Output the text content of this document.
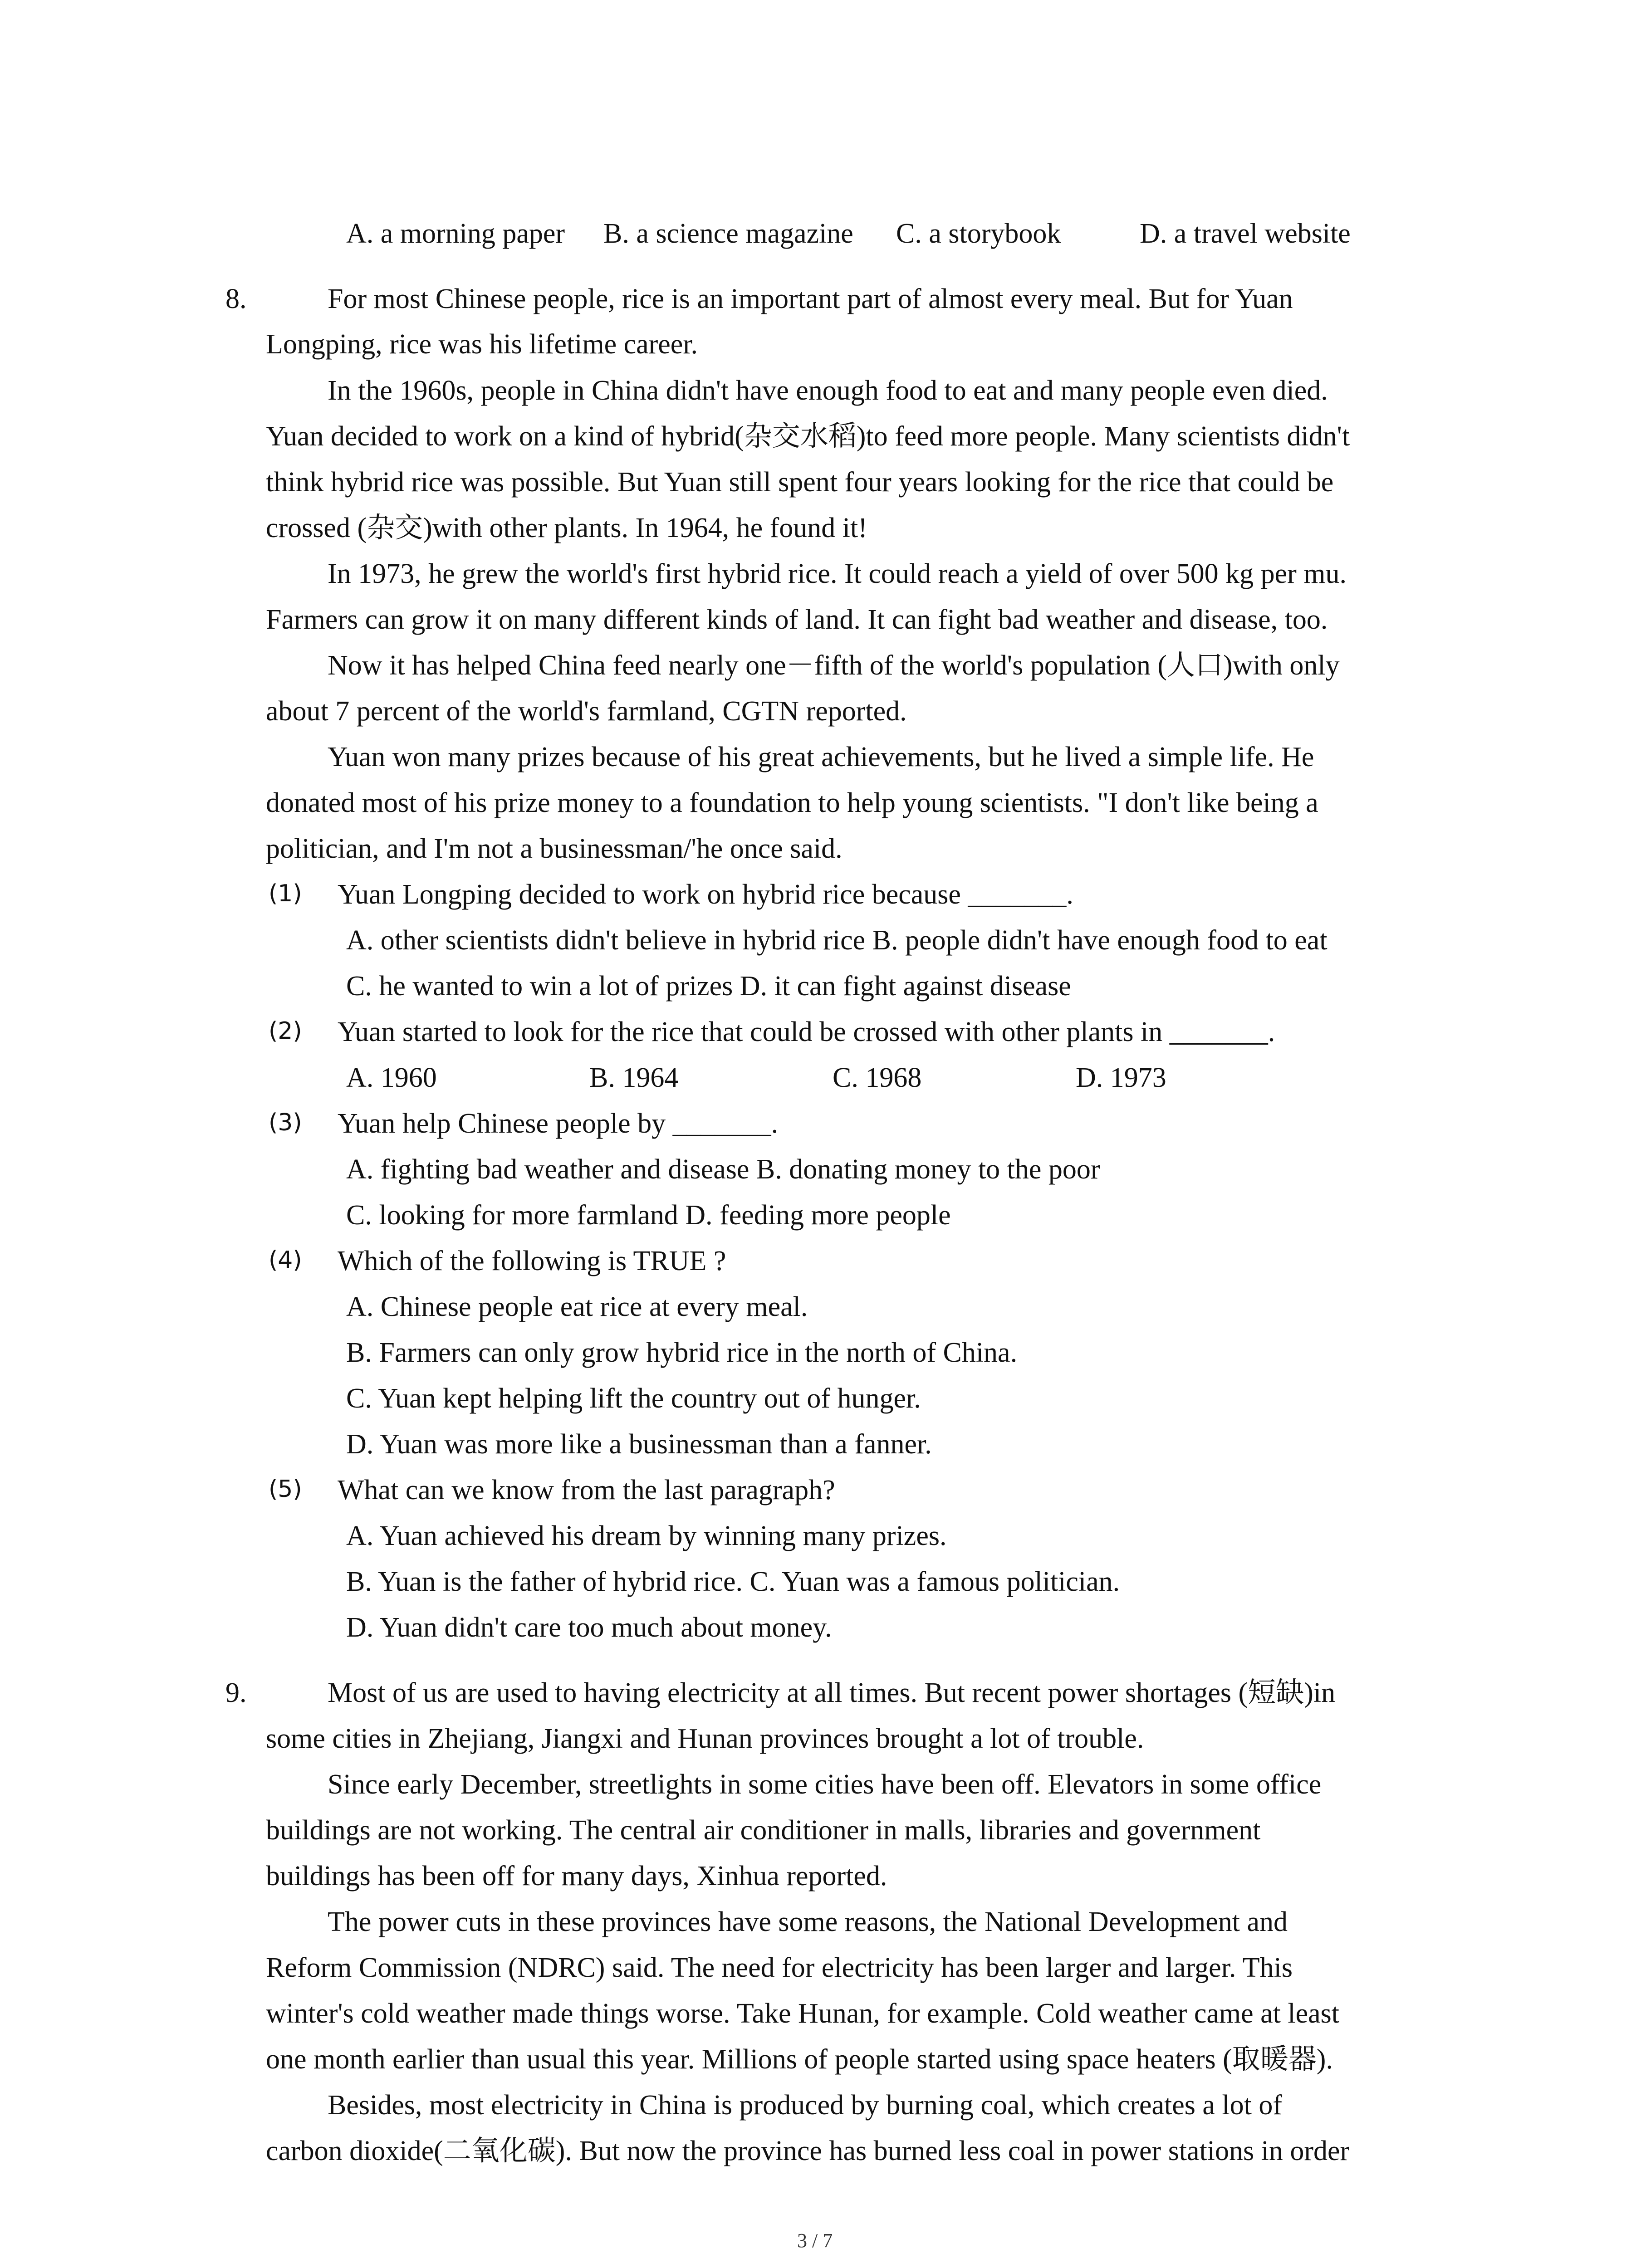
A. a morning paper B. a science magazine C. a storybook	D. a travel website
8.	For most Chinese people, rice is an important part of almost every meal. But for Yuan
Longping, rice was his lifetime career.
In the 1960s, people in China didn't have enough food to eat and many people even died.
Yuan decided to work on a kind of hybrid(杂交水稻)to feed more people. Many scientists didn't
think hybrid rice was possible. But Yuan still spent four years looking for the rice that could be
crossed (杂交)with other plants. In 1964, he found it!
In 1973, he grew the world's first hybrid rice. It could reach a yield of over 500 kg per mu.
Farmers can grow it on many different kinds of land. It can fight bad weather and disease, too.
Now it has helped China feed nearly one－fifth of the world's population (人口)with only
about 7 percent of the world's farmland, CGTN reported.
Yuan won many prizes because of his great achievements, but he lived a simple life. He
donated most of his prize money to a foundation to help young scientists. "I don't like being a
politician, and I'm not a businessman/'he once said.
(1) Yuan Longping decided to work on hybrid rice because _______.
A. other scientists didn't believe in hybrid rice B. people didn't have enough food to eat
C. he wanted to win a lot of prizes D. it can fight against disease
(2) Yuan started to look for the rice that could be crossed with other plants in _______.
A. 1960	B. 1964	C. 1968	D. 1973
(3) Yuan help Chinese people by _______.
A. fighting bad weather and disease B. donating money to the poor
C. looking for more farmland D. feeding more people
(4) Which of the following is TRUE ?
A. Chinese people eat rice at every meal.
B. Farmers can only grow hybrid rice in the north of China.
C. Yuan kept helping lift the country out of hunger.
D. Yuan was more like a businessman than a fanner.
(5) What can we know from the last paragraph?
A. Yuan achieved his dream by winning many prizes.
B. Yuan is the father of hybrid rice. C. Yuan was a famous politician.
D. Yuan didn't care too much about money.
9.	Most of us are used to having electricity at all times. But recent power shortages (短缺)in
some cities in Zhejiang, Jiangxi and Hunan provinces brought a lot of trouble.
Since early December, streetlights in some cities have been off. Elevators in some office
buildings are not working. The central air conditioner in malls, libraries and government
buildings has been off for many days, Xinhua reported.
The power cuts in these provinces have some reasons, the National Development and
Reform Commission (NDRC) said. The need for electricity has been larger and larger. This
winter's cold weather made things worse. Take Hunan, for example. Cold weather came at least
one month earlier than usual this year. Millions of people started using space heaters (取暖器).
Besides, most electricity in China is produced by burning coal, which creates a lot of
carbon dioxide(二氧化碳). But now the province has burned less coal in power stations in order
3 / 7
